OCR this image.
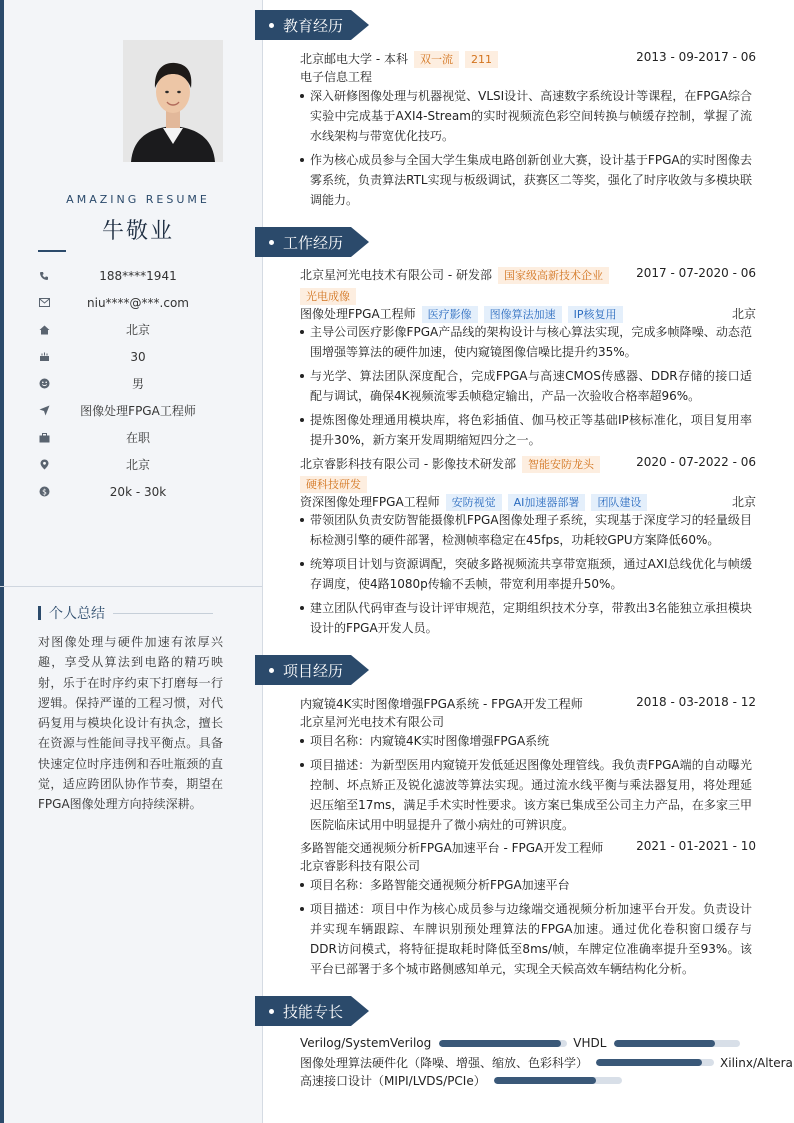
AMAZING RESUME
牛敬业
188****1941
niu****@***.com
北京
30
男
图像处理FPGA工程师
在职
北京
$	20k - 30k
个人总结
对图像处理与硬件加速有浓厚兴趣，享受从算法到电路的精巧映射，乐于在时序约束下打磨每一行逻辑。保持严谨的工程习惯，对代码复用与模块化设计有执念，擅长在资源与性能间寻找平衡点。具备快速定位时序违例和吞吐瓶颈的直觉，适应跨团队协作节奏，期望在FPGA图像处理方向持续深耕。
教育经历
北京邮电大学 - 本科 双一流 211	2013 - 09-2017 - 06
电子信息工程
深入研修图像处理与机器视觉、VLSI设计、高速数字系统设计等课程，在FPGA综合实验中完成基于AXI4-Stream的实时视频流色彩空间转换与帧缓存控制，掌握了流水线架构与带宽优化技巧。
作为核心成员参与全国大学生集成电路创新创业大赛，设计基于FPGA的实时图像去雾系统，负责算法RTL实现与板级调试，获赛区二等奖，强化了时序收敛与多模块联调能力。
工作经历
北京星河光电技术有限公司 - 研发部 国家级高新技术企业	2017 - 07-2020 - 06
光电成像
图像处理FPGA工程师 医疗影像 图像算法加速 IP核复用	北京
主导公司医疗影像FPGA产品线的架构设计与核心算法实现，完成多帧降噪、动态范围增强等算法的硬件加速，使内窥镜图像信噪比提升约35%。
与光学、算法团队深度配合，完成FPGA与高速CMOS传感器、DDR存储的接口适配与调试，确保4K视频流零丢帧稳定输出，产品一次验收合格率超96%。
提炼图像处理通用模块库，将色彩插值、伽马校正等基础IP核标准化，项目复用率提升30%，新方案开发周期缩短四分之一。
北京睿影科技有限公司 - 影像技术研发部 智能安防龙头	2020 - 07-2022 - 06
硬科技研发
资深图像处理FPGA工程师 安防视觉 AI加速器部署 团队建设	北京
带领团队负责安防智能摄像机FPGA图像处理子系统，实现基于深度学习的轻量级目标检测引擎的硬件部署，检测帧率稳定在45fps，功耗较GPU方案降低60%。
统筹项目计划与资源调配，突破多路视频流共享带宽瓶颈，通过AXI总线优化与帧缓存调度，使4路1080p传输不丢帧，带宽利用率提升50%。
建立团队代码审查与设计评审规范，定期组织技术分享，带教出3名能独立承担模块设计的FPGA开发人员。
项目经历
内窥镜4K实时图像增强FPGA系统 - FPGA开发工程师	2018 - 03-2018 - 12
北京星河光电技术有限公司
项目名称：内窥镜4K实时图像增强FPGA系统
项目描述：为新型医用内窥镜开发低延迟图像处理管线。我负责FPGA端的自动曝光控制、坏点矫正及锐化滤波等算法实现。通过流水线平衡与乘法器复用，将处理延迟压缩至17ms，满足手术实时性要求。该方案已集成至公司主力产品，在多家三甲医院临床试用中明显提升了微小病灶的可辨识度。
多路智能交通视频分析FPGA加速平台 - FPGA开发工程师	2021 - 01-2021 - 10
北京睿影科技有限公司
项目名称：多路智能交通视频分析FPGA加速平台
项目描述：项目中作为核心成员参与边缘端交通视频分析加速平台开发。负责设计并实现车辆跟踪、车牌识别预处理算法的FPGA加速。通过优化卷积窗口缓存与DDR访问模式，将特征提取耗时降低至8ms/帧，车牌定位准确率提升至93%。该平台已部署于多个城市路侧感知单元，实现全天候高效车辆结构化分析。
技能专长
Verilog/SystemVerilog	VHDL
图像处理算法硬件化（降噪、增强、缩放、色彩科学）	Xilinx/Altera
高速接口设计（MIPI/LVDS/PCIe）
